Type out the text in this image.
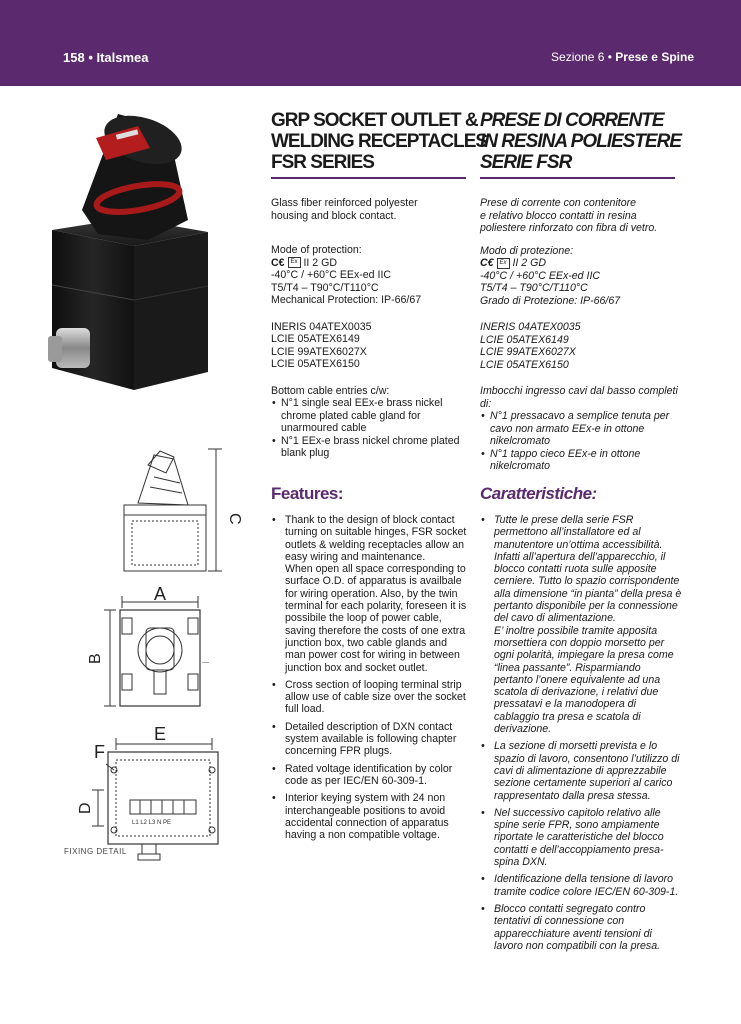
158 • Italsmea	Sezione 6 • Prese e Spine
C
A
B	—
E
F
D
L1 L2 L3 N PE
FIXING DETAIL
GRP SOCKET OUTLET &
WELDING RECEPTACLES
FSR SERIES
PRESE DI CORRENTE
IN RESINA POLIESTERE
SERIE FSR

Glass fiber reinforced polyester
housing and block contact.

Mode of protection:
C€ Ex II 2 GD
-40°C / +60°C EEx-ed IIC
T5/T4 – T90°C/T110°C
Mechanical Protection: IP-66/67

INERIS 04ATEX0035
LCIE 05ATEX6149
LCIE 99ATEX6027X
LCIE 05ATEX6150

Bottom cable entries c/w:
• N°1 single seal EEx-e brass nickel chrome plated cable gland for unarmoured cable
• N°1 EEx-e brass nickel chrome plated blank plug

Prese di corrente con contenitore
e relativo blocco contatti in resina
poliestere rinforzato con fibra di vetro.

Modo di protezione:
C€ Ex II 2 GD
-40°C / +60°C EEx-ed IIC
T5/T4 – T90°C/T110°C
Grado di Protezione: IP-66/67

INERIS 04ATEX0035
LCIE 05ATEX6149
LCIE 99ATEX6027X
LCIE 05ATEX6150

Imbocchi ingresso cavi dal basso completi di:
• N°1 pressacavo a semplice tenuta per cavo non armato EEx-e in ottone nikelcromato
• N°1 tappo cieco EEx-e in ottone nikelcromato
Features:	Caratteristiche:
• Thank to the design of block contact turning on suitable hinges, FSR socket outlets & welding receptacles allow an easy wiring and maintenance.
When open all space corresponding to surface O.D. of apparatus is availbale for wiring operation. Also, by the twin terminal for each polarity, foreseen it is possibile the loop of power cable, saving therefore the costs of one extra junction box, two cable glands and man power cost for wiring in between junction box and socket outlet.
• Cross section of looping terminal strip allow use of cable size over the socket full load.
• Detailed description of DXN contact system available is following chapter concerning FPR plugs.
• Rated voltage identification by color code as per IEC/EN 60-309-1.
• Interior keying system with 24 non interchangeable positions to avoid accidental connection of apparatus having a non compatible voltage.
• Tutte le prese della serie FSR permettono all’installatore ed al manutentore un’ottima accessibilità. Infatti all’apertura dell’apparecchio, il blocco contatti ruota sulle apposite cerniere. Tutto lo spazio corrispondente alla dimensione “in pianta” della presa è pertanto disponibile per la connessione del cavo di alimentazione.
E’ inoltre possibile tramite apposita morsettiera con doppio morsetto per ogni polarità, impiegare la presa come “linea passante”. Risparmiando pertanto l’onere equivalente ad una scatola di derivazione, i relativi due pressatavi e la manodopera di cablaggio tra presa e scatola di derivazione.
• La sezione di morsetti prevista e lo spazio di lavoro, consentono l’utilizzo di cavi di alimentazione di apprezzabile sezione certamente superiori al carico rappresentato dalla presa stessa.
• Nel successivo capitolo relativo alle spine serie FPR, sono ampiamente riportate le caratteristiche del blocco contatti e dell’accoppiamento presa-spina DXN.
• Identificazione della tensione di lavoro tramite codice colore IEC/EN 60-309-1.
• Blocco contatti segregato contro tentativi di connessione con apparecchiature aventi tensioni di lavoro non compatibili con la presa.
